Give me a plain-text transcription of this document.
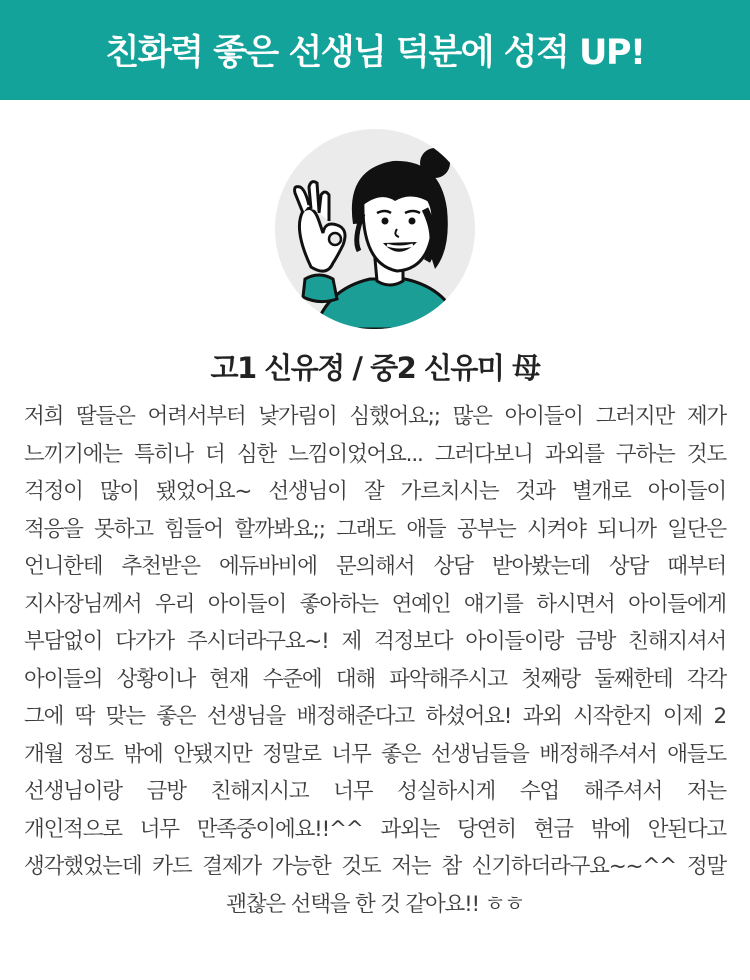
친화력 좋은 선생님 덕분에 성적 UP!
고1 신유정 / 중2 신유미 母
저희 딸들은 어려서부터 낯가림이 심했어요;; 많은 아이들이 그러지만 제가
느끼기에는 특히나 더 심한 느낌이었어요... 그러다보니 과외를 구하는 것도
걱정이 많이 됐었어요~ 선생님이 잘 가르치시는 것과 별개로 아이들이
적응을 못하고 힘들어 할까봐요;; 그래도 애들 공부는 시켜야 되니까 일단은
언니한테 추천받은 에듀바비에 문의해서 상담 받아봤는데 상담 때부터
지사장님께서 우리 아이들이 좋아하는 연예인 얘기를 하시면서 아이들에게
부담없이 다가가 주시더라구요~! 제 걱정보다 아이들이랑 금방 친해지셔서
아이들의 상황이나 현재 수준에 대해 파악해주시고 첫째랑 둘째한테 각각
그에 딱 맞는 좋은 선생님을 배정해준다고 하셨어요! 과외 시작한지 이제 2
개월 정도 밖에 안됐지만 정말로 너무 좋은 선생님들을 배정해주셔서 애들도
선생님이랑 금방 친해지시고 너무 성실하시게 수업 해주셔서 저는
개인적으로 너무 만족중이에요!!^^ 과외는 당연히 현금 밖에 안된다고
생각했었는데 카드 결제가 가능한 것도 저는 참 신기하더라구요~~^^ 정말
괜찮은 선택을 한 것 같아요!! ㅎㅎ
